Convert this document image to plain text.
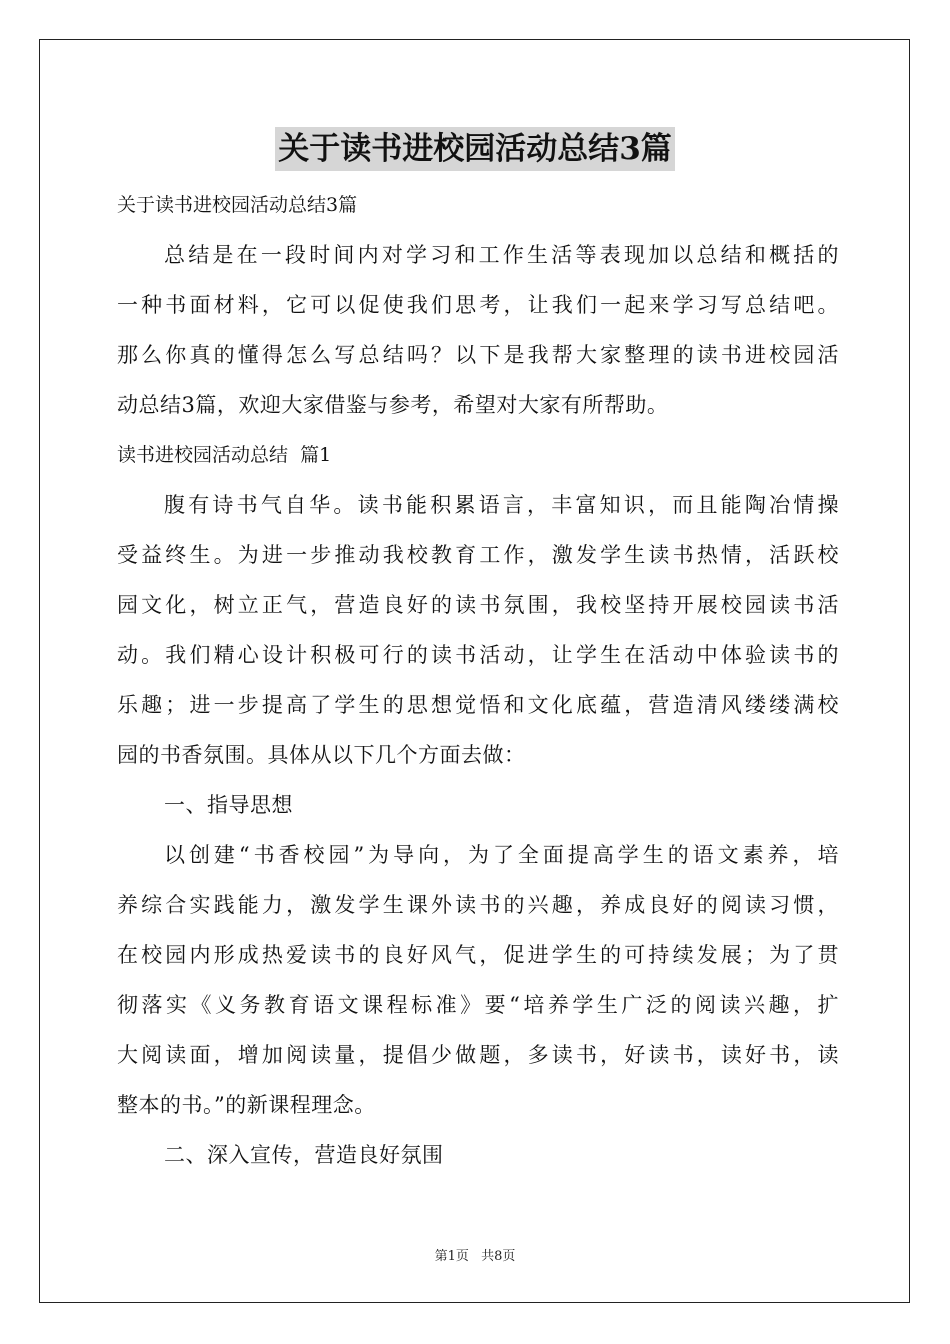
关于读书进校园活动总结3篇
关于读书进校园活动总结3篇
总结是在一段时间内对学习和工作生活等表现加以总结和概括的
一种书面材料，它可以促使我们思考，让我们一起来学习写总结吧。
那么你真的懂得怎么写总结吗？以下是我帮大家整理的读书进校园活
动总结3篇，欢迎大家借鉴与参考，希望对大家有所帮助。
读书进校园活动总结  篇1
腹有诗书气自华。读书能积累语言，丰富知识，而且能陶冶情操
受益终生。为进一步推动我校教育工作，激发学生读书热情，活跃校
园文化，树立正气，营造良好的读书氛围，我校坚持开展校园读书活
动。我们精心设计积极可行的读书活动，让学生在活动中体验读书的
乐趣；进一步提高了学生的思想觉悟和文化底蕴，营造清风缕缕满校
园的书香氛围。具体从以下几个方面去做：
一、指导思想
以创建“书香校园”为导向，为了全面提高学生的语文素养，培
养综合实践能力，激发学生课外读书的兴趣，养成良好的阅读习惯，
在校园内形成热爱读书的良好风气，促进学生的可持续发展；为了贯
彻落实《义务教育语文课程标准》要“培养学生广泛的阅读兴趣，扩
大阅读面，增加阅读量，提倡少做题，多读书，好读书，读好书，读
整本的书。”的新课程理念。
二、深入宣传，营造良好氛围
第1页 共8页
